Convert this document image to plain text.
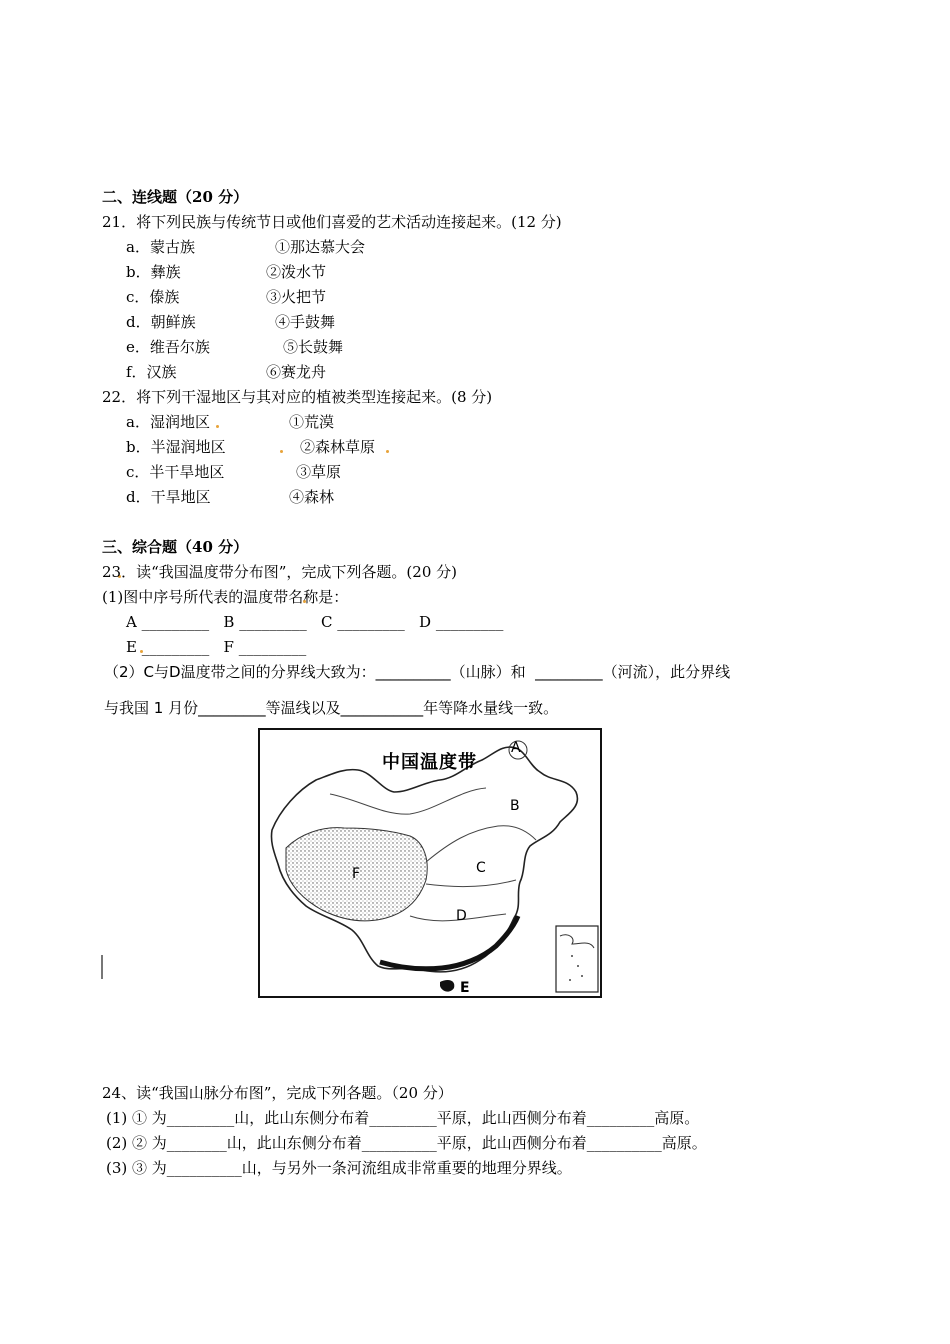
二、连线题（20 分）
21．将下列民族与传统节日或他们喜爱的艺术活动连接起来。(12 分)
a．蒙古族	①那达慕大会
b．彝族	②泼水节
c．傣族	③火把节
d．朝鲜族	④手鼓舞
e．维吾尔族	⑤长鼓舞
f．汉族	⑥赛龙舟
22．将下列干湿地区与其对应的植被类型连接起来。(8 分)
a．湿润地区	①荒漠
b．半湿润地区	②森林草原
c．半干旱地区	③草原
d．干旱地区	④森林
三、综合题（40 分）
23．读“我国温度带分布图”，完成下列各题。(20 分)
(1)图中序号所代表的温度带名称是：
A _________   B _________   C _________   D _________
E _________   F _________
（2）C与D温度带之间的分界线大致为：__________（山脉）和  _________（河流），此分界线
与我国 1 月份_________等温线以及___________年等降水量线一致。
中国温度带
A
B
C
D
E
F
24、读“我国山脉分布图”，完成下列各题。（20 分）
(1) ① 为_________山，此山东侧分布着_________平原，此山西侧分布着_________高原。
(2) ② 为________山，此山东侧分布着__________平原，此山西侧分布着__________高原。
(3) ③ 为__________山，与另外一条河流组成非常重要的地理分界线。
